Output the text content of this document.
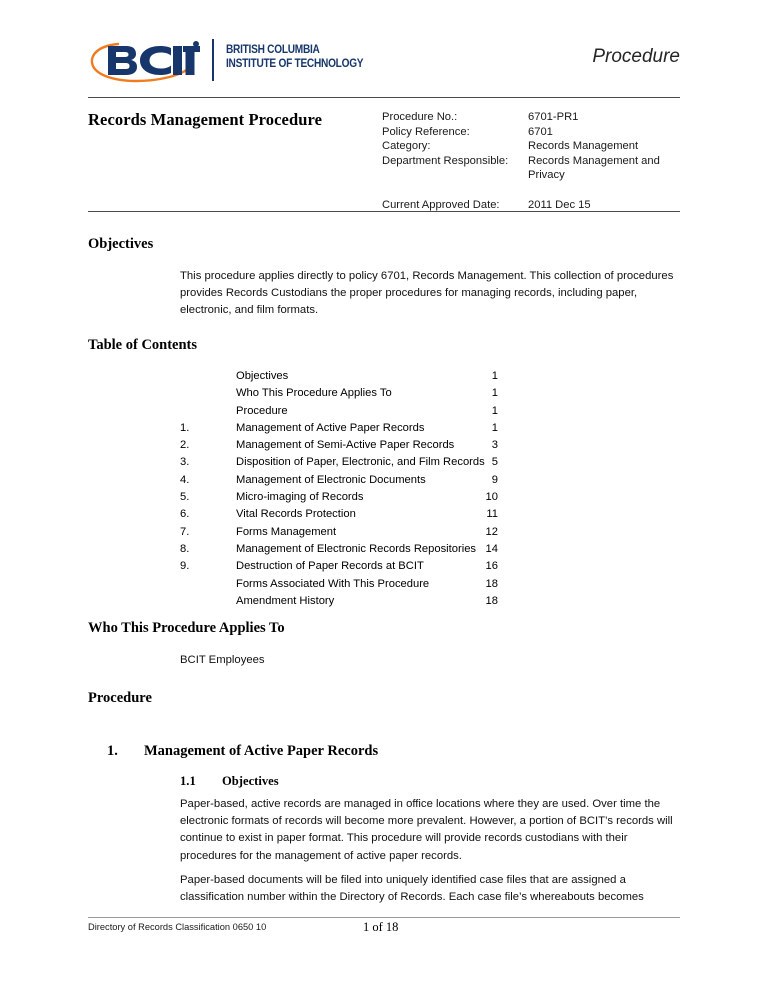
BRITISH COLUMBIA
INSTITUTE OF TECHNOLOGY	Procedure
Records Management Procedure	Procedure No.:	6701-PR1
Policy Reference:	6701
Category:	Records Management
Department Responsible:	Records Management and Privacy
Current Approved Date:	2011 Dec 15
Objectives
This procedure applies directly to policy 6701, Records Management. This collection of procedures provides Records Custodians the proper procedures for managing records, including paper, electronic, and film formats.
Table of Contents
Objectives	1
Who This Procedure Applies To	1
Procedure	1
1.	Management of Active Paper Records	1
2.	Management of Semi-Active Paper Records	3
3.	Disposition of Paper, Electronic, and Film Records 5
4.	Management of Electronic Documents	9
5.	Micro-imaging of Records	10
6.	Vital Records Protection	11
7.	Forms Management	12
8.	Management of Electronic Records Repositories 14
9.	Destruction of Paper Records at BCIT	16
Forms Associated With This Procedure	18
Amendment History	18
Who This Procedure Applies To
BCIT Employees
Procedure
1. Management of Active Paper Records
1.1 Objectives
Paper-based, active records are managed in office locations where they are used. Over time the electronic formats of records will become more prevalent. However, a portion of BCIT’s records will continue to exist in paper format. This procedure will provide records custodians with their procedures for the management of active paper records.
Paper-based documents will be filed into uniquely identified case files that are assigned a classification number within the Directory of Records. Each case file’s whereabouts becomes
Directory of Records Classification 0650 10	1 of 18
